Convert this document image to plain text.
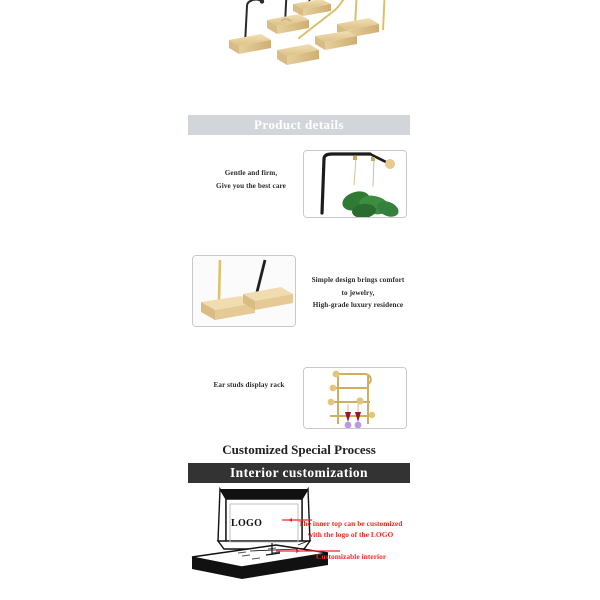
Product details
Gentle and firm,
Give you the best care
Simple design brings comfort
to jewelry,
High-grade luxury residence
Ear studs display rack
Customized Special Process
Interior customization
LOGO	The inner top can be customized
with the logo of the LOGO
Customizable interior
